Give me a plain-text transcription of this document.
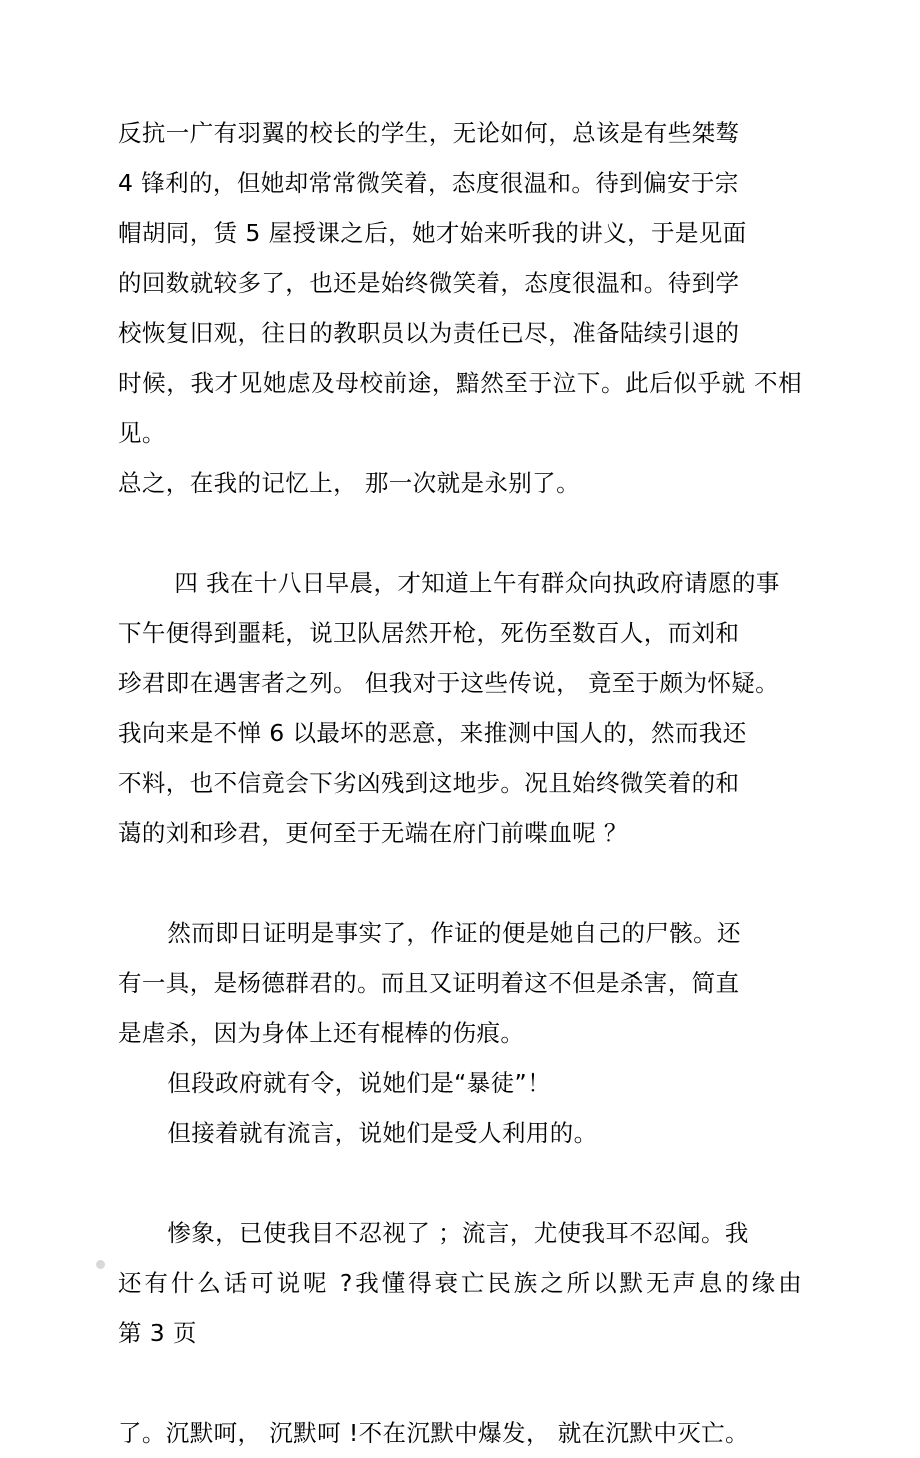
反抗一广有羽翼的校长的学生，无论如何，总该是有些桀骜

4 锋利的，但她却常常微笑着，态度很温和。待到偏安于宗

帽胡同，赁 5 屋授课之后，她才始来听我的讲义，于是见面

的回数就较多了，也还是始终微笑着，态度很温和。待到学

校恢复旧观，往日的教职员以为责任已尽，准备陆续引退的

时候，我才见她虑及母校前途，黯然至于泣下。此后似乎就 不相见。

总之，在我的记忆上， 那一次就是永别了。

四 我在十八日早晨，才知道上午有群众向执政府请愿的事

下午便得到噩耗，说卫队居然开枪，死伤至数百人，而刘和

珍君即在遇害者之列。 但我对于这些传说， 竟至于颇为怀疑。

我向来是不惮 6 以最坏的恶意，来推测中国人的，然而我还

不料，也不信竟会下劣凶残到这地步。况且始终微笑着的和

蔼的刘和珍君，更何至于无端在府门前喋血呢 ？

然而即日证明是事实了，作证的便是她自己的尸骸。还

有一具，是杨德群君的。而且又证明着这不但是杀害，简直

是虐杀，因为身体上还有棍棒的伤痕。

但段政府就有令，说她们是“暴徒”！

但接着就有流言，说她们是受人利用的。

惨象，已使我目不忍视了 ；流言，尤使我耳不忍闻。我

还有什么话可说呢 ?我懂得衰亡民族之所以默无声息的缘由第 3 页

了。沉默呵， 沉默呵 !不在沉默中爆发， 就在沉默中灭亡。
